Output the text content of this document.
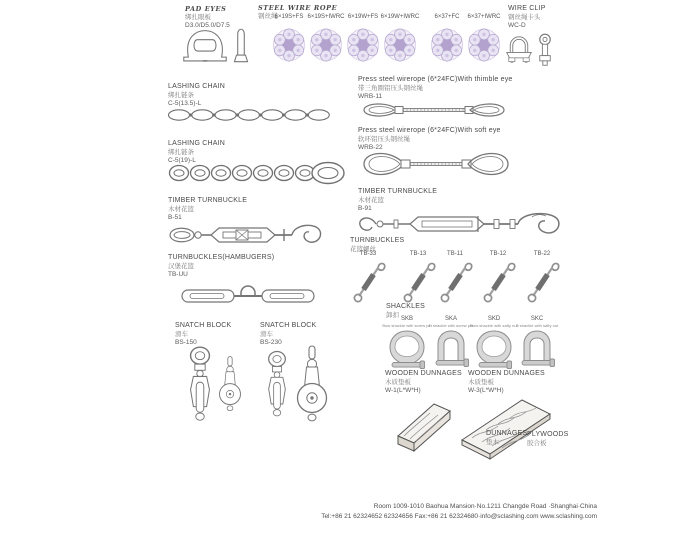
PAD EYES
绑扎眼板
D3.0/D5.0/D7.5
STEEL WIRE ROPE
钢丝绳
6×19S+FS 6×19S+IWRC 6×19W+FS 6×19W+IWRC	6×37+FC 6×37+IWRC
WIRE CLIP
钢丝绳卡头
WC-D
LASHING CHAIN
绑扎链条
C-5(13.5)-L
LASHING CHAIN
绑扎链条
C-5(19)-L
TIMBER TURNBUCKLE
木材花篮
B-51
TURNBUCKLES(HAMBUGERS)
汉堡花篮
TB-UU
SNATCH BLOCK
滑车
BS-150
SNATCH BLOCK
滑车
BS-230
Press steel wirerope (6*24FC)With thimble eye
带三角圈铝压头钢丝绳
WRB-11
Press steel wirerope (6*24FC)With soft eye
软环铝压头钢丝绳
WRB-22
TIMBER TURNBUCKLE
木材花篮
B-91
TURNBUCKLES
花篮螺丝
TB-33	TB-13	TB-11	TB-12	TB-22
SHACKLES
卸扣
SKB
Bow shackle with screw pin
SKA
D shackle with screw pin
SKD
Bow shackle with safty nut
SKC
D shackle with safty nut
WOODEN DUNNAGES
木质垫板
W-1(L*W*H)
WOODEN DUNNAGES
木质垫板
W-3(L*W*H)
DUNNAGES
垫木
PLYWOODS
胶合板
Room 1009-1010 Baohua Mansion·No.1211 Changde Road ·Shanghai·China
Tel:+86 21 62324652 62324656 Fax:+86 21 62324680·info@sclashing.com www.sclashing.com
